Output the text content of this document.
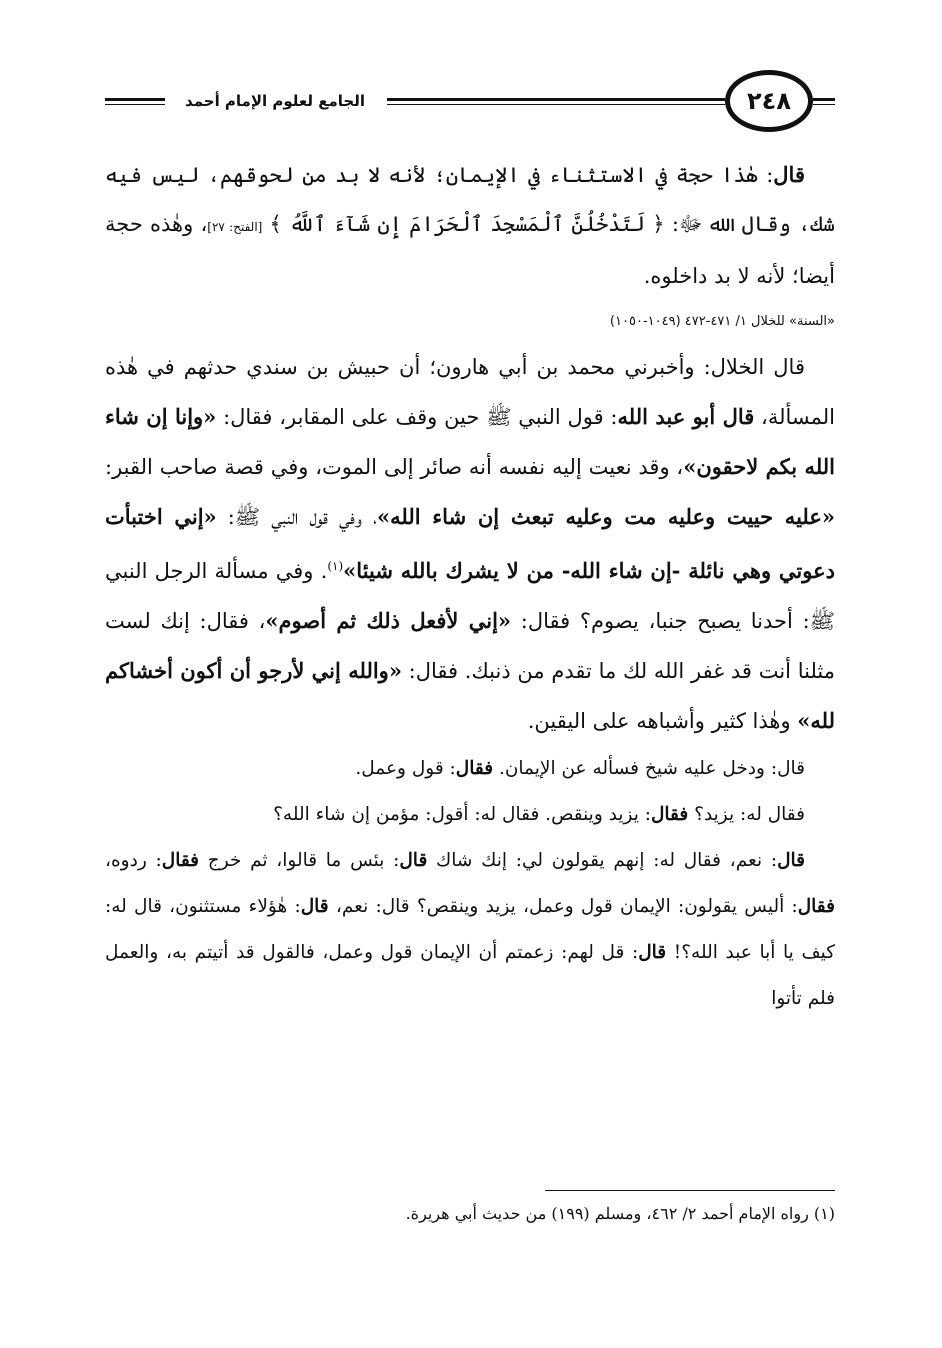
الجامع لعلوم الإمام أحمد	٢٤٨

قال: هٰذا حجة في الاستثناء في الإيمان؛ لأنه لا بد من لحوقهم، ليس فيه شك، وقال الله ﷻ: ﴿ لَتَدْخُلُنَّ ٱلْمَسْجِدَ ٱلْحَرَامَ إِن شَآءَ ٱللَّهُ ﴾ [الفتح: ٢٧]، وهٰذه حجة أيضا؛ لأنه لا بد داخلوه.

«السنة» للخلال ١/ ٤٧١-٤٧٢ (١٠٤٩-١٠٥٠)

قال الخلال: وأخبرني محمد بن أبي هارون؛ أن حبيش بن سندي حدثهم في هٰذه المسألة، قال أبو عبد الله: قول النبي ﷺ حين وقف على المقابر، فقال: «وإنا إن شاء الله بكم لاحقون»، وقد نعيت إليه نفسه أنه صائر إلى الموت، وفي قصة صاحب القبر: «عليه حييت وعليه مت وعليه تبعث إن شاء الله»، وفي قول النبي ﷺ: «إني اختبأت دعوتي وهي نائلة -إن شاء الله- من لا يشرك بالله شيئا»$^{(١)}$. وفي مسألة الرجل النبي ﷺ: أحدنا يصبح جنبا، يصوم؟ فقال: «إني لأفعل ذلك ثم أصوم»، فقال: إنك لست مثلنا أنت قد غفر الله لك ما تقدم من ذنبك. فقال: «والله إني لأرجو أن أكون أخشاكم لله» وهٰذا كثير وأشباهه على اليقين.

قال: ودخل عليه شيخ فسأله عن الإيمان. فقال: قول وعمل.

فقال له: يزيد؟ فقال: يزيد وينقص. فقال له: أقول: مؤمن إن شاء الله؟

قال: نعم، فقال له: إنهم يقولون لي: إنك شاك قال: بئس ما قالوا، ثم خرج فقال: ردوه، فقال: أليس يقولون: الإيمان قول وعمل، يزيد وينقص؟ قال: نعم، قال: هٰؤلاء مستثنون، قال له: كيف يا أبا عبد الله؟! قال: قل لهم: زعمتم أن الإيمان قول وعمل، فالقول قد أتيتم به، والعمل فلم تأتوا

(١) رواه الإمام أحمد ٢/ ٤٦٢، ومسلم (١٩٩) من حديث أبي هريرة.
